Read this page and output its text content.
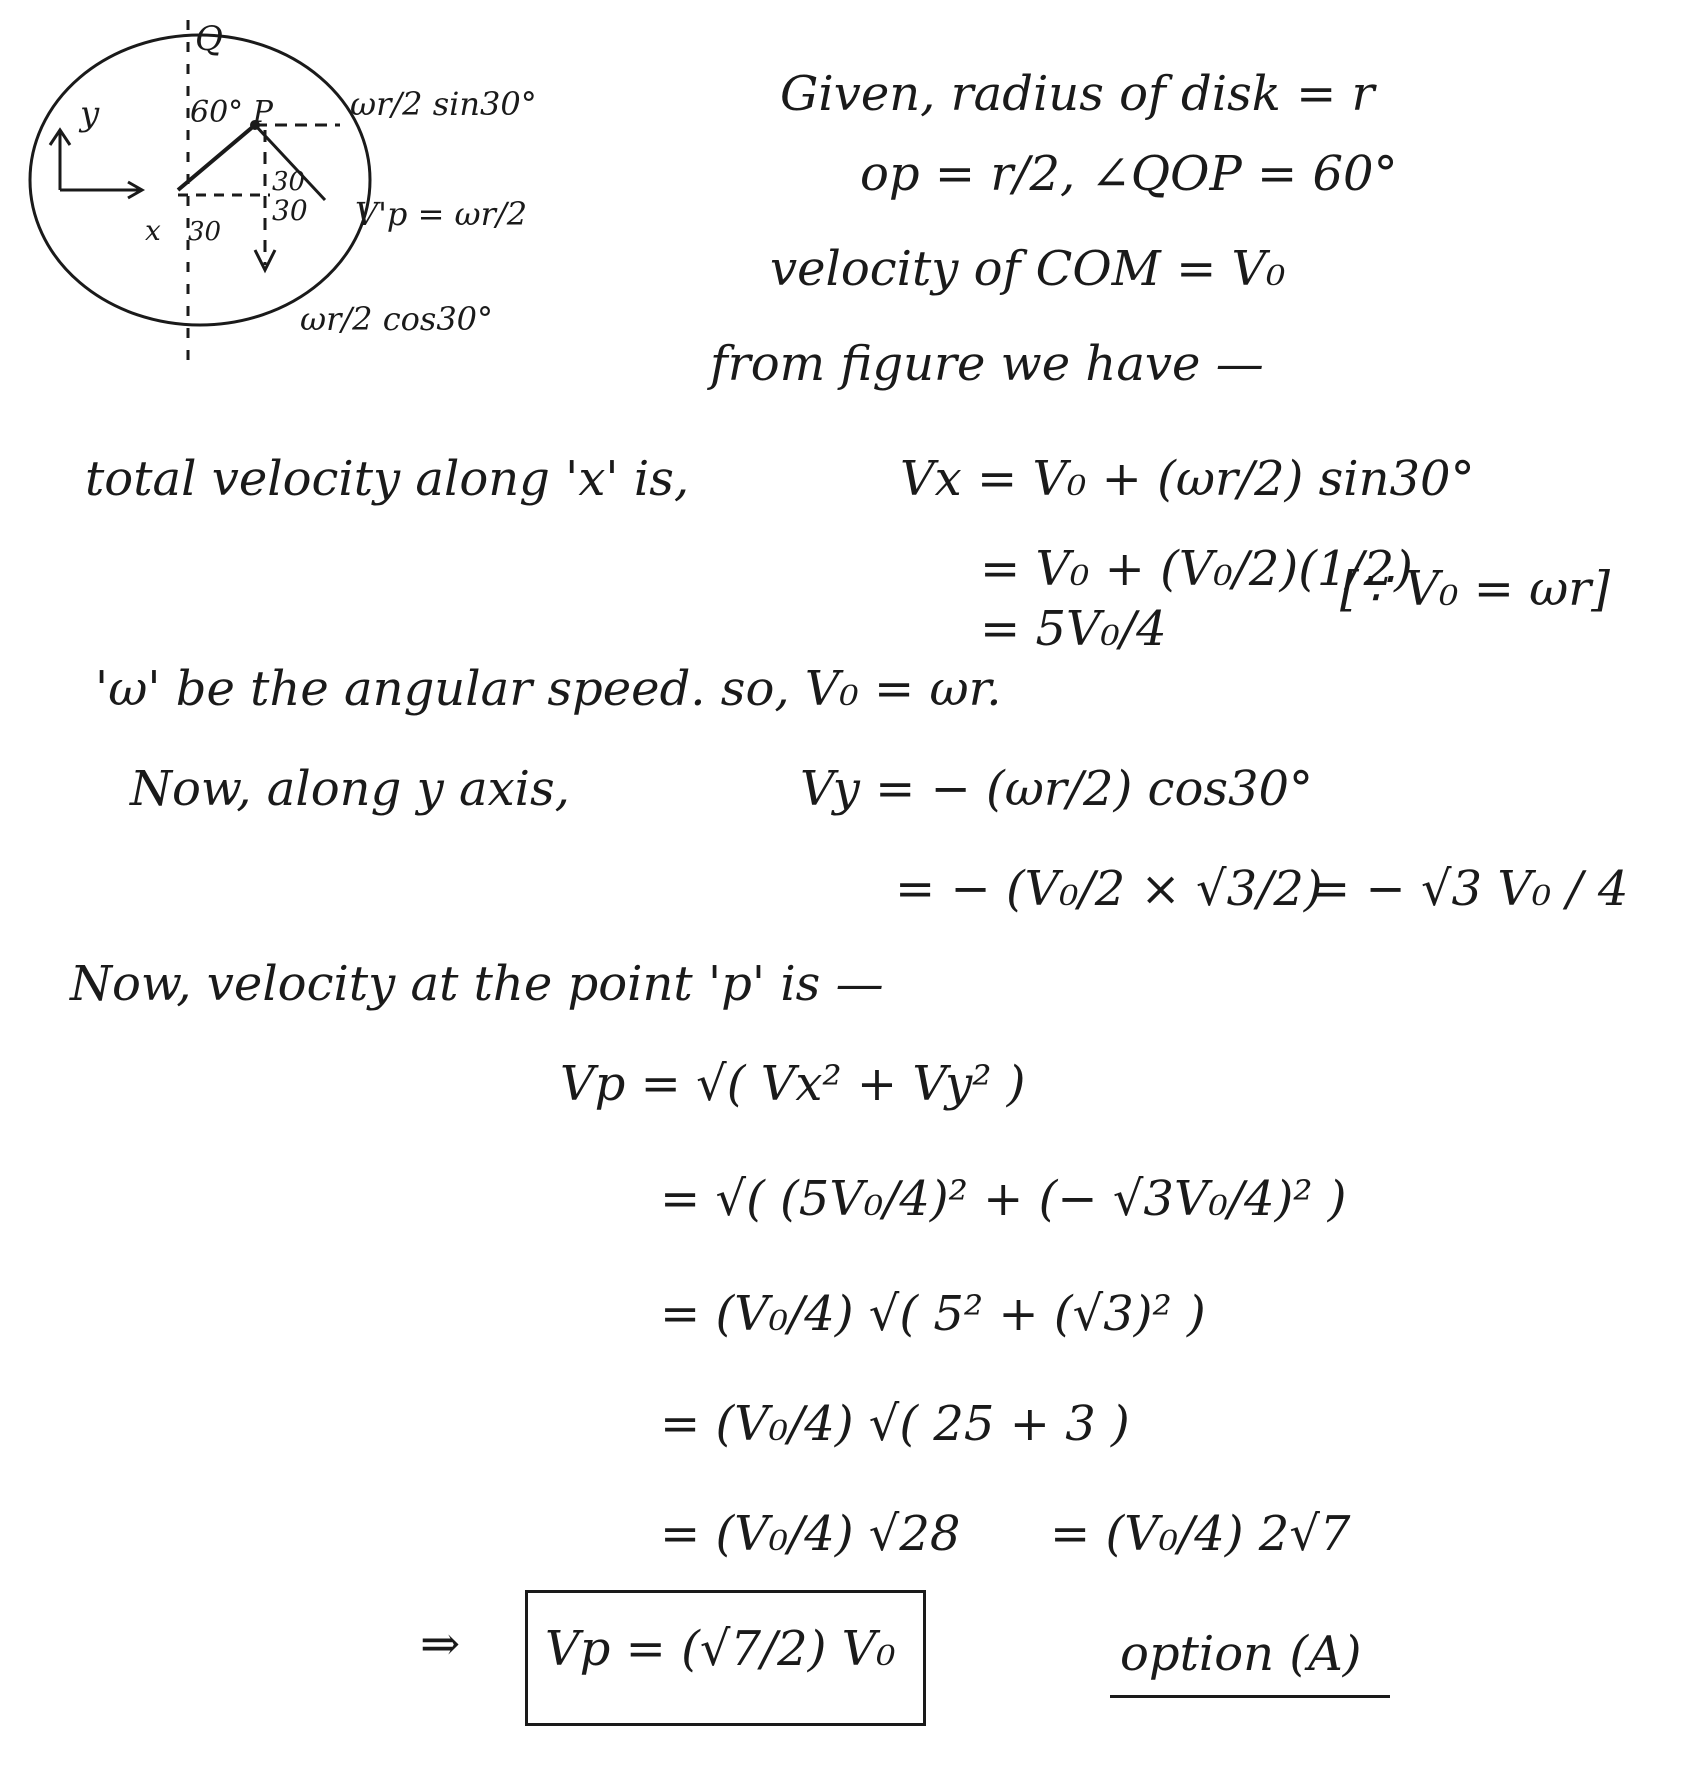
Q
y
x
60° P
30
30
30
ωr/2 sin30°
V'p = ωr/2
ωr/2 cos30°
Given, radius of disk = r
op = r/2, ∠QOP = 60°
velocity of COM = V₀
from figure we have —
total velocity along 'x' is,	Vx = V₀ + (ωr/2) sin30°
= V₀ + (V₀/2)(1/2)
[∵ V₀ = ωr]
= 5V₀/4
'ω' be the angular speed. so, V₀ = ωr.
Now, along y axis,	Vy = − (ωr/2) cos30°
= − (V₀/2 × √3/2)
= − √3 V₀ / 4
Now, velocity at the point 'p' is —
Vp = √( Vx² + Vy² )
= √( (5V₀/4)² + (− √3V₀/4)² )
= (V₀/4) √( 5² + (√3)² )
= (V₀/4) √( 25 + 3 )
= (V₀/4) √28 = (V₀/4) 2√7
⇒ Vp = (√7/2) V₀	option (A)
